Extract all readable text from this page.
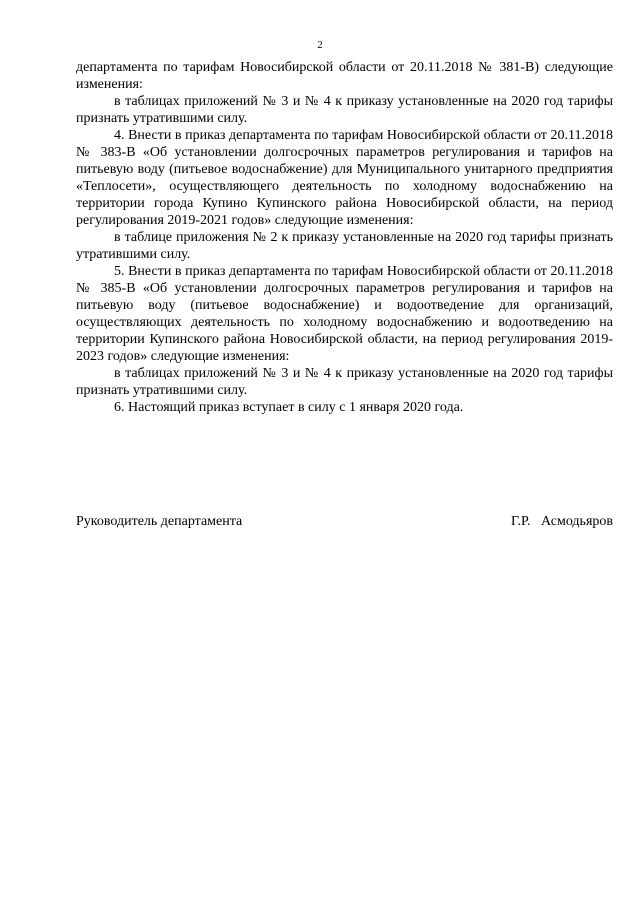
2

департамента по тарифам Новосибирской области от 20.11.2018 № 381-В) следующие изменения:

в таблицах приложений № 3 и № 4 к приказу установленные на 2020 год тарифы признать утратившими силу.

4. Внести в приказ департамента по тарифам Новосибирской области от 20.11.2018 № 383-В «Об установлении долгосрочных параметров регулирования и тарифов на питьевую воду (питьевое водоснабжение) для Муниципального унитарного предприятия «Теплосети», осуществляющего деятельность по холодному водоснабжению на территории города Купино Купинского района Новосибирской области, на период регулирования 2019-2021 годов» следующие изменения:

в таблице приложения № 2 к приказу установленные на 2020 год тарифы признать утратившими силу.

5. Внести в приказ департамента по тарифам Новосибирской области от 20.11.2018 № 385-В «Об установлении долгосрочных параметров регулирования и тарифов на питьевую воду (питьевое водоснабжение) и водоотведение для организаций, осуществляющих деятельность по холодному водоснабжению и водоотведению на территории Купинского района Новосибирской области, на период регулирования 2019-2023 годов» следующие изменения:

в таблицах приложений № 3 и № 4 к приказу установленные на 2020 год тарифы признать утратившими силу.

6. Настоящий приказ вступает в силу с 1 января 2020 года.

Руководитель департамента	Г.Р.   Асмодьяров
